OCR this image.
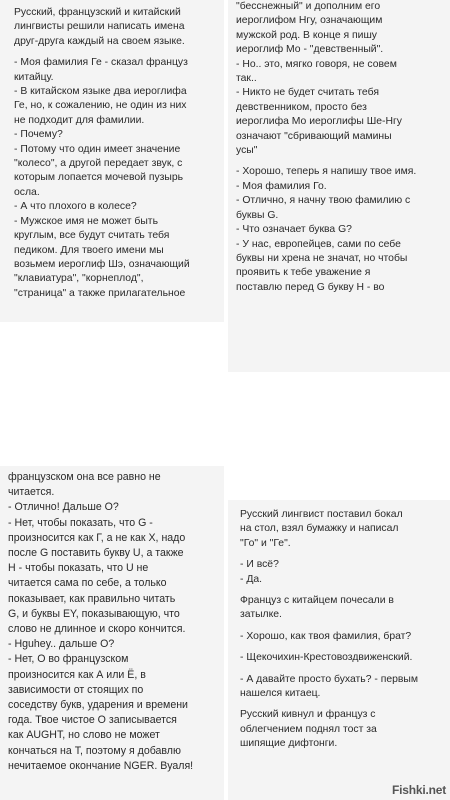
Русский, французский и китайский
лингвисты решили написать имена
друг-друга каждый на своем языке.
- Моя фамилия Ге - сказал француз
китайцу.
- В китайском языке два иероглифа
Ге, но, к сожалению, не один из них
не подходит для фамилии.
- Почему?
- Потому что один имеет значение
"колесо", а другой передает звук, с
которым лопается мочевой пузырь
осла.
- А что плохого в колесе?
- Мужское имя не может быть
круглым, все будут считать тебя
педиком. Для твоего имени мы
возьмем иероглиф Шэ, означающий
"клавиатура", "корнеплод",
"страница" а также прилагательное
"бесснежный" и дополним его
иероглифом Нгу, означающим
мужской род. В конце я пишу
иероглиф Мо - "девственный".
- Но.. это, мягко говоря, не совем
так..
- Никто не будет считать тебя
девственником, просто без
иероглифа Мо иероглифы Ше-Нгу
означают "сбривающий мамины
усы"
- Хорошо, теперь я напишу твое имя.
- Моя фамилия Го.
- Отлично, я начну твою фамилию с
буквы G.
- Что означает буква G?
- У нас, европейцев, сами по себе
буквы ни хрена не значат, но чтобы
проявить к тебе уважение я
поставлю перед G букву H - во
французском она все равно не
читается.
- Отлично! Дальше О?
- Нет, чтобы показать, что G -
произносится как Г, а не как Х, надо
после G поставить букву U, а также
H - чтобы показать, что U не
читается сама по себе, а только
показывает, как правильно читать
G, и буквы EY, показывающую, что
слово не длинное и скоро кончится.
- Hguhey.. дальше О?
- Нет, О во французском
произносится как А или Ё, в
зависимости от стоящих по
соседству букв, ударения и времени
года. Твое чистое О записывается
как AUGHT, но слово не может
кончаться на Т, поэтому я добавлю
нечитаемое окончание NGER. Вуаля!
Русский лингвист поставил бокал
на стол, взял бумажку и написал
"Го" и "Ге".
- И всё?
- Да.
Француз с китайцем почесали в
затылке.
- Хорошо, как твоя фамилия, брат?
- Щекочихин-Крестовоздвиженский.
- А давайте просто бухать? - первым
нашелся китаец.
Русский кивнул и француз с
облегчением поднял тост за
шипящие дифтонги.
Fishki.net
